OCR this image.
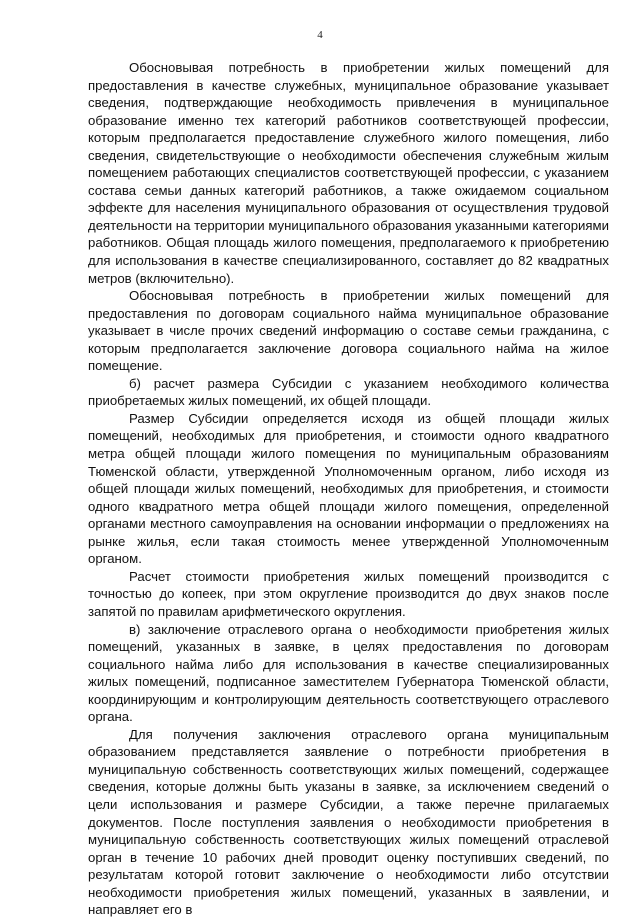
4

Обосновывая потребность в приобретении жилых помещений для предоставления в качестве служебных, муниципальное образование указывает сведения, подтверждающие необходимость привлечения в муниципальное образование именно тех категорий работников соответствующей профессии, которым предполагается предоставление служебного жилого помещения, либо сведения, свидетельствующие о необходимости обеспечения служебным жилым помещением работающих специалистов соответствующей профессии, с указанием состава семьи данных категорий работников, а также ожидаемом социальном эффекте для населения муниципального образования от осуществления трудовой деятельности на территории муниципального образования указанными категориями работников. Общая площадь жилого помещения, предполагаемого к приобретению для использования в качестве специализированного, составляет до 82 квадратных метров (включительно).

Обосновывая потребность в приобретении жилых помещений для предоставления по договорам социального найма муниципальное образование указывает в числе прочих сведений информацию о составе семьи гражданина, с которым предполагается заключение договора социального найма на жилое помещение.

б) расчет размера Субсидии с указанием необходимого количества приобретаемых жилых помещений, их общей площади.

Размер Субсидии определяется исходя из общей площади жилых помещений, необходимых для приобретения, и стоимости одного квадратного метра общей площади жилого помещения по муниципальным образованиям Тюменской области, утвержденной Уполномоченным органом, либо исходя из общей площади жилых помещений, необходимых для приобретения, и стоимости одного квадратного метра общей площади жилого помещения, определенной органами местного самоуправления на основании информации о предложениях на рынке жилья, если такая стоимость менее утвержденной Уполномоченным органом.

Расчет стоимости приобретения жилых помещений производится с точностью до копеек, при этом округление производится до двух знаков после запятой по правилам арифметического округления.

в) заключение отраслевого органа о необходимости приобретения жилых помещений, указанных в заявке, в целях предоставления по договорам социального найма либо для использования в качестве специализированных жилых помещений, подписанное заместителем Губернатора Тюменской области, координирующим и контролирующим деятельность соответствующего отраслевого органа.

Для получения заключения отраслевого органа муниципальным образованием представляется заявление о потребности приобретения в муниципальную собственность соответствующих жилых помещений, содержащее сведения, которые должны быть указаны в заявке, за исключением сведений о цели использования и размере Субсидии, а также перечне прилагаемых документов. После поступления заявления о необходимости приобретения в муниципальную собственность соответствующих жилых помещений отраслевой орган в течение 10 рабочих дней проводит оценку поступивших сведений, по результатам которой готовит заключение о необходимости либо отсутствии необходимости приобретения жилых помещений, указанных в заявлении, и направляет его в
